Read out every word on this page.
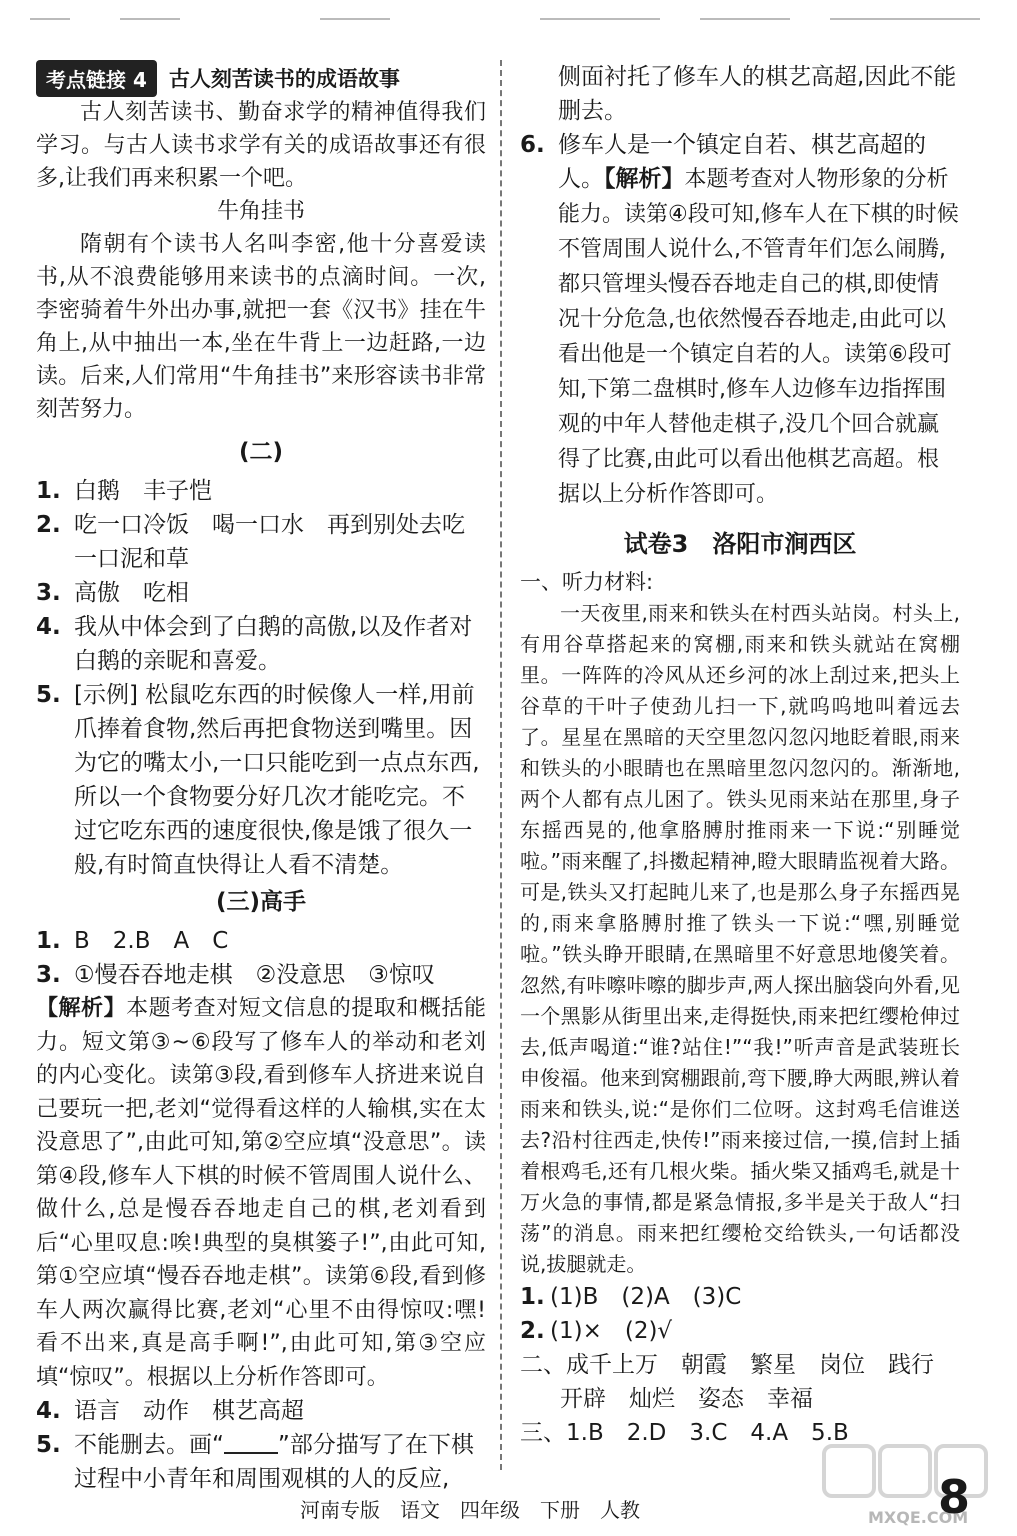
考点链接 4	古人刻苦读书的成语故事

古人刻苦读书、勤奋求学的精神值得我们学习。与古人读书求学有关的成语故事还有很多,让我们再来积累一个吧。

牛角挂书

隋朝有个读书人名叫李密,他十分喜爱读书,从不浪费能够用来读书的点滴时间。一次,李密骑着牛外出办事,就把一套《汉书》挂在牛角上,从中抽出一本,坐在牛背上一边赶路,一边读。后来,人们常用“牛角挂书”来形容读书非常刻苦努力。

(二)

1. 白鹅　丰子恺

2. 吃一口冷饭　喝一口水　再到别处去吃一口泥和草

3. 高傲　吃相

4. 我从中体会到了白鹅的高傲,以及作者对白鹅的亲昵和喜爱。

5. [示例] 松鼠吃东西的时候像人一样,用前爪捧着食物,然后再把食物送到嘴里。因为它的嘴太小,一口只能吃到一点点东西,所以一个食物要分好几次才能吃完。不过它吃东西的速度很快,像是饿了很久一般,有时简直快得让人看不清楚。

(三)高手

1. B　2.B　A　C

3. ①慢吞吞地走棋　②没意思　③惊叹

【解析】本题考查对短文信息的提取和概括能力。短文第③~⑥段写了修车人的举动和老刘的内心变化。读第③段,看到修车人挤进来说自己要玩一把,老刘“觉得看这样的人输棋,实在太没意思了”,由此可知,第②空应填“没意思”。读第④段,修车人下棋的时候不管周围人说什么、做什么,总是慢吞吞地走自己的棋,老刘看到后“心里叹息:唉!典型的臭棋篓子!”,由此可知,第①空应填“慢吞吞地走棋”。读第⑥段,看到修车人两次赢得比赛,老刘“心里不由得惊叹:嘿!看不出来,真是高手啊!”,由此可知,第③空应填“惊叹”。根据以上分析作答即可。

4. 语言　动作　棋艺高超

5. 不能删去。画“ ”部分描写了在下棋过程中小青年和周围观棋的人的反应,

侧面衬托了修车人的棋艺高超,因此不能删去。

6. 修车人是一个镇定自若、棋艺高超的人。【解析】本题考查对人物形象的分析能力。读第④段可知,修车人在下棋的时候不管周围人说什么,不管青年们怎么闹腾,都只管埋头慢吞吞地走自己的棋,即使情况十分危急,也依然慢吞吞地走,由此可以看出他是一个镇定自若的人。读第⑥段可知,下第二盘棋时,修车人边修车边指挥围观的中年人替他走棋子,没几个回合就赢得了比赛,由此可以看出他棋艺高超。根据以上分析作答即可。

试卷3　洛阳市涧西区

一、听力材料:

一天夜里,雨来和铁头在村西头站岗。村头上,有用谷草搭起来的窝棚,雨来和铁头就站在窝棚里。一阵阵的冷风从还乡河的冰上刮过来,把头上谷草的干叶子使劲儿扫一下,就呜呜地叫着远去了。星星在黑暗的天空里忽闪忽闪地眨着眼,雨来和铁头的小眼睛也在黑暗里忽闪忽闪的。渐渐地,两个人都有点儿困了。铁头见雨来站在那里,身子东摇西晃的,他拿胳膊肘推雨来一下说:“别睡觉啦。”雨来醒了,抖擞起精神,瞪大眼睛监视着大路。可是,铁头又打起盹儿来了,也是那么身子东摇西晃的,雨来拿胳膊肘推了铁头一下说:“嘿,别睡觉啦。”铁头睁开眼睛,在黑暗里不好意思地傻笑着。忽然,有咔嚓咔嚓的脚步声,两人探出脑袋向外看,见一个黑影从街里出来,走得挺快,雨来把红缨枪伸过去,低声喝道:“谁?站住!”“我!”听声音是武装班长申俊福。他来到窝棚跟前,弯下腰,睁大两眼,辨认着雨来和铁头,说:“是你们二位呀。这封鸡毛信谁送去?沿村往西走,快传!”雨来接过信,一摸,信封上插着根鸡毛,还有几根火柴。插火柴又插鸡毛,就是十万火急的事情,都是紧急情报,多半是关于敌人“扫荡”的消息。雨来把红缨枪交给铁头,一句话都没说,拔腿就走。

1. (1)B　(2)A　(3)C

2. (1)×　(2)√

二、成千上万　朝霞　繁星　岗位　践行

开辟　灿烂　姿态　幸福

三、1.B　2.D　3.C　4.A　5.B

河南专版 语文 四年级 下册 人教	MXQE.COM
8
